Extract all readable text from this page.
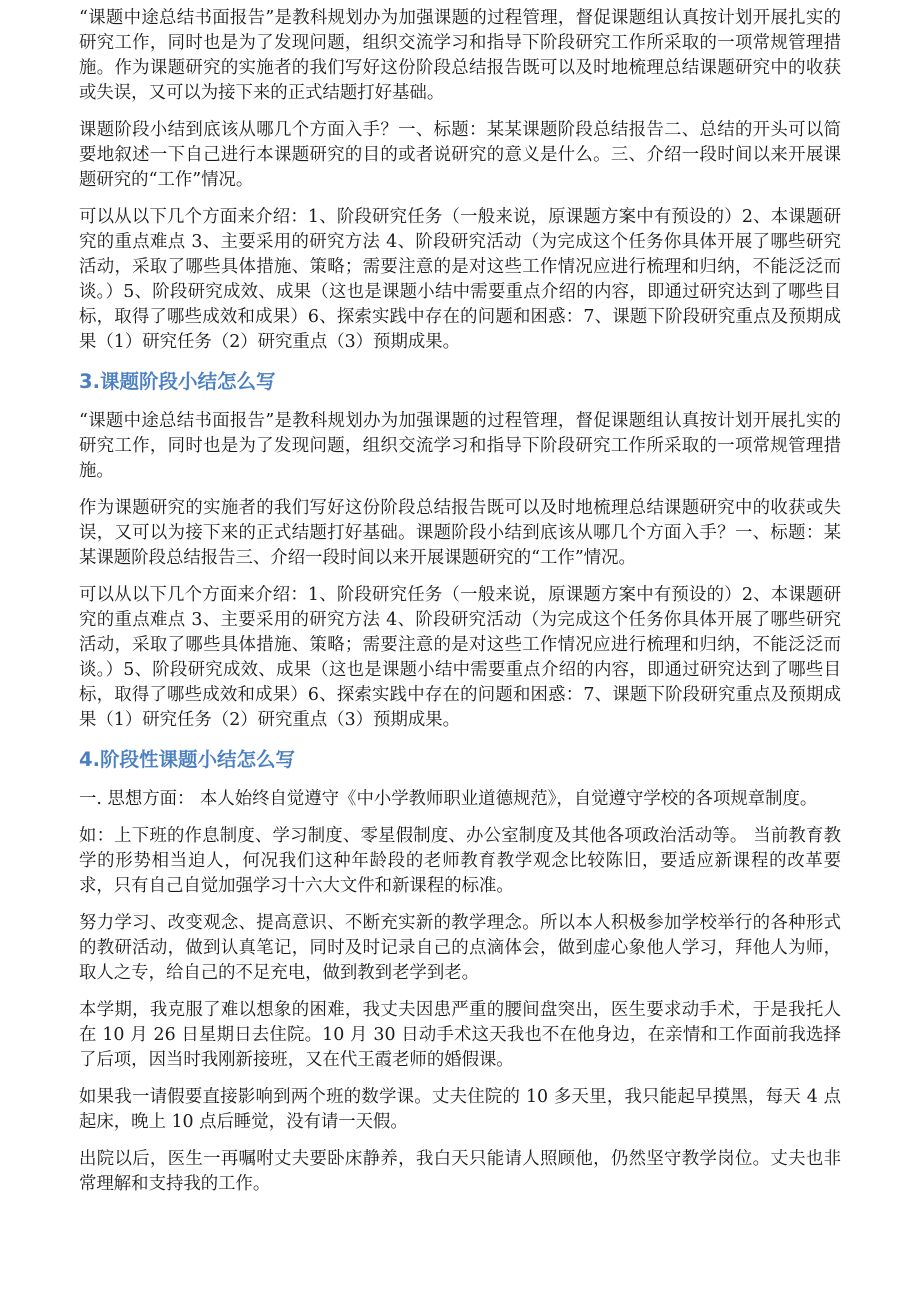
“课题中途总结书面报告”是教科规划办为加强课题的过程管理，督促课题组认真按计划开展扎实的研究工作，同时也是为了发现问题，组织交流学习和指导下阶段研究工作所采取的一项常规管理措施。作为课题研究的实施者的我们写好这份阶段总结报告既可以及时地梳理总结课题研究中的收获或失误，又可以为接下来的正式结题打好基础。

课题阶段小结到底该从哪几个方面入手？一、标题：某某课题阶段总结报告二、总结的开头可以简要地叙述一下自己进行本课题研究的目的或者说研究的意义是什么。三、介绍一段时间以来开展课题研究的“工作”情况。

可以从以下几个方面来介绍：1、阶段研究任务（一般来说，原课题方案中有预设的）2、本课题研究的重点难点 3、主要采用的研究方法 4、阶段研究活动（为完成这个任务你具体开展了哪些研究活动，采取了哪些具体措施、策略；需要注意的是对这些工作情况应进行梳理和归纳，不能泛泛而谈。）5、阶段研究成效、成果（这也是课题小结中需要重点介绍的内容，即通过研究达到了哪些目标，取得了哪些成效和成果）6、探索实践中存在的问题和困惑：7、课题下阶段研究重点及预期成果（1）研究任务（2）研究重点（3）预期成果。

3.课题阶段小结怎么写

“课题中途总结书面报告”是教科规划办为加强课题的过程管理，督促课题组认真按计划开展扎实的研究工作，同时也是为了发现问题，组织交流学习和指导下阶段研究工作所采取的一项常规管理措施。

作为课题研究的实施者的我们写好这份阶段总结报告既可以及时地梳理总结课题研究中的收获或失误，又可以为接下来的正式结题打好基础。课题阶段小结到底该从哪几个方面入手？一、标题：某某课题阶段总结报告三、介绍一段时间以来开展课题研究的“工作”情况。

可以从以下几个方面来介绍：1、阶段研究任务（一般来说，原课题方案中有预设的）2、本课题研究的重点难点 3、主要采用的研究方法 4、阶段研究活动（为完成这个任务你具体开展了哪些研究活动，采取了哪些具体措施、策略；需要注意的是对这些工作情况应进行梳理和归纳，不能泛泛而谈。）5、阶段研究成效、成果（这也是课题小结中需要重点介绍的内容，即通过研究达到了哪些目标，取得了哪些成效和成果）6、探索实践中存在的问题和困惑：7、课题下阶段研究重点及预期成果（1）研究任务（2）研究重点（3）预期成果。

4.阶段性课题小结怎么写

一. 思想方面： 本人始终自觉遵守《中小学教师职业道德规范》，自觉遵守学校的各项规章制度。

如：上下班的作息制度、学习制度、零星假制度、办公室制度及其他各项政治活动等。 当前教育教学的形势相当迫人，何况我们这种年龄段的老师教育教学观念比较陈旧，要适应新课程的改革要求，只有自己自觉加强学习十六大文件和新课程的标准。

努力学习、改变观念、提高意识、不断充实新的教学理念。所以本人积极参加学校举行的各种形式的教研活动，做到认真笔记，同时及时记录自己的点滴体会，做到虚心象他人学习，拜他人为师，取人之专，给自己的不足充电，做到教到老学到老。

本学期，我克服了难以想象的困难，我丈夫因患严重的腰间盘突出，医生要求动手术，于是我托人在 10 月 26 日星期日去住院。10 月 30 日动手术这天我也不在他身边，在亲情和工作面前我选择了后项，因当时我刚新接班，又在代王霞老师的婚假课。

如果我一请假要直接影响到两个班的数学课。丈夫住院的 10 多天里，我只能起早摸黑，每天 4 点起床，晚上 10 点后睡觉，没有请一天假。

出院以后，医生一再嘱咐丈夫要卧床静养，我白天只能请人照顾他，仍然坚守教学岗位。丈夫也非常理解和支持我的工作。
